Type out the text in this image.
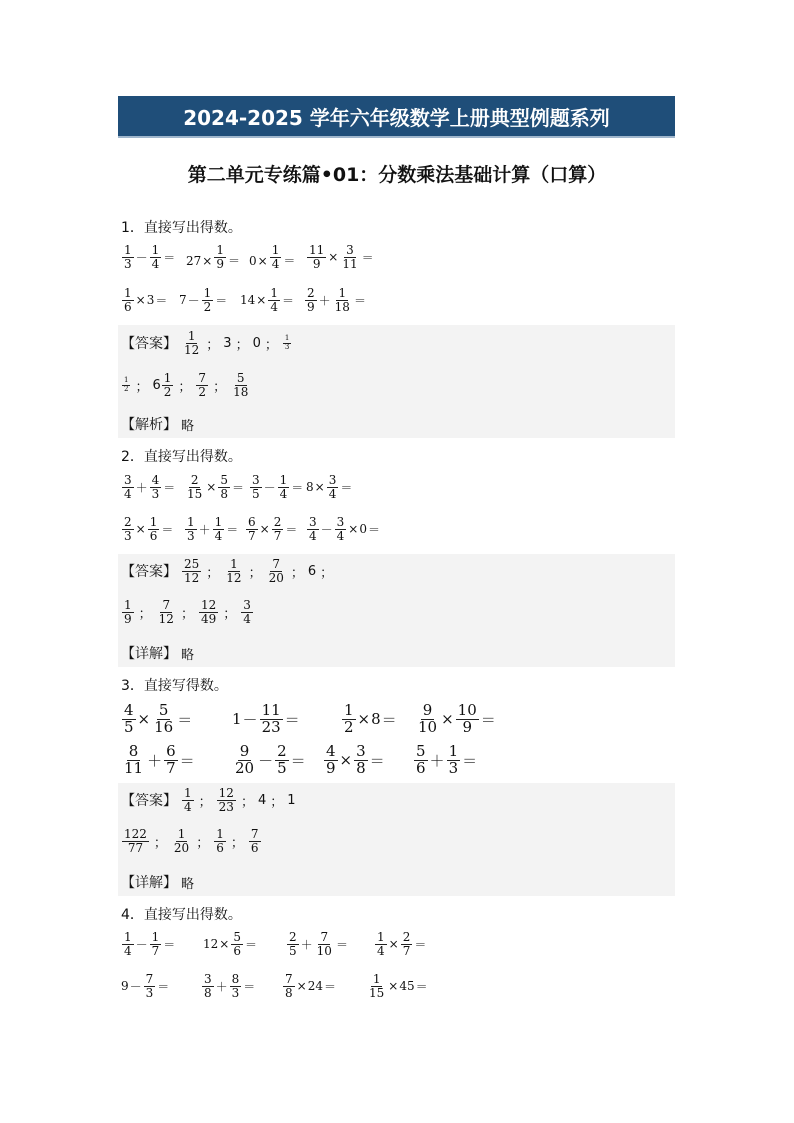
2024-2025 学年六年级数学上册典型例题系列
第二单元专练篇•01：分数乘法基础计算（口算）
1．直接写出得数。
$\frac{1}{3} - \frac{1}{4} = 27 \times \frac{1}{9} = 0 \times \frac{1}{4} = \frac{11}{9} \times \frac{3}{11}$ ＝
$\frac{1}{6} \times 3 = 7 - \frac{1}{2} = 14 \times \frac{1}{4} = \frac{2}{9} + \frac{1}{18}$ ＝
【答案】 $\frac{1}{12}$ ； 3 ； 0 ； $\frac{1}{3}$
$\frac{1}{2}$ ； $6 \frac{1}{2}$ ； $\frac{7}{2}$ ； $\frac{5}{18}$
【解析】 略
2．直接写出得数。
$\frac{3}{4} + \frac{4}{3} = \frac{2}{15} \times \frac{5}{8} = \frac{3}{5} - \frac{1}{4} = 8 \times \frac{3}{4}$ ＝
$\frac{2}{3} \times \frac{1}{6} = \frac{1}{3} + \frac{1}{4} = \frac{6}{7} \times \frac{2}{7} = \frac{3}{4} - \frac{3}{4} \times 0$ ＝
【答案】 $\frac{25}{12}$ ； $\frac{1}{12}$ ； $\frac{7}{20}$ ； 6 ；
$\frac{1}{9}$ ； $\frac{7}{12}$ ； $\frac{12}{49}$ ； $\frac{3}{4}$
【详解】 略
3．直接写得数。
$\frac{4}{5} \times \frac{5}{16}$ ＝	$1 - \frac{11}{23}$ ＝	$\frac{1}{2} \times 8 = \frac{9}{10} \times \frac{10}{9}$ ＝
$\frac{8}{11} + \frac{6}{7}$ ＝	$\frac{9}{20} - \frac{2}{5} = \frac{4}{9} \times \frac{3}{8} = \frac{5}{6} + \frac{1}{3}$ ＝
【答案】 $\frac{1}{4}$ ； $\frac{12}{23}$ ； 4 ； 1
$\frac{122}{77}$ ； $\frac{1}{20}$ ； $\frac{1}{6}$ ； $\frac{7}{6}$
【详解】 略
4．直接写出得数。
$\frac{1}{4} - \frac{1}{7} = 12 \times \frac{5}{6}$ ＝	$\frac{2}{5} + \frac{7}{10} = \frac{1}{4} \times \frac{2}{7}$ ＝
$9 - \frac{7}{3}$ ＝	$\frac{3}{8} + \frac{8}{3} = \frac{7}{8} \times 24$ ＝	$\frac{1}{15} \times 45$ ＝
